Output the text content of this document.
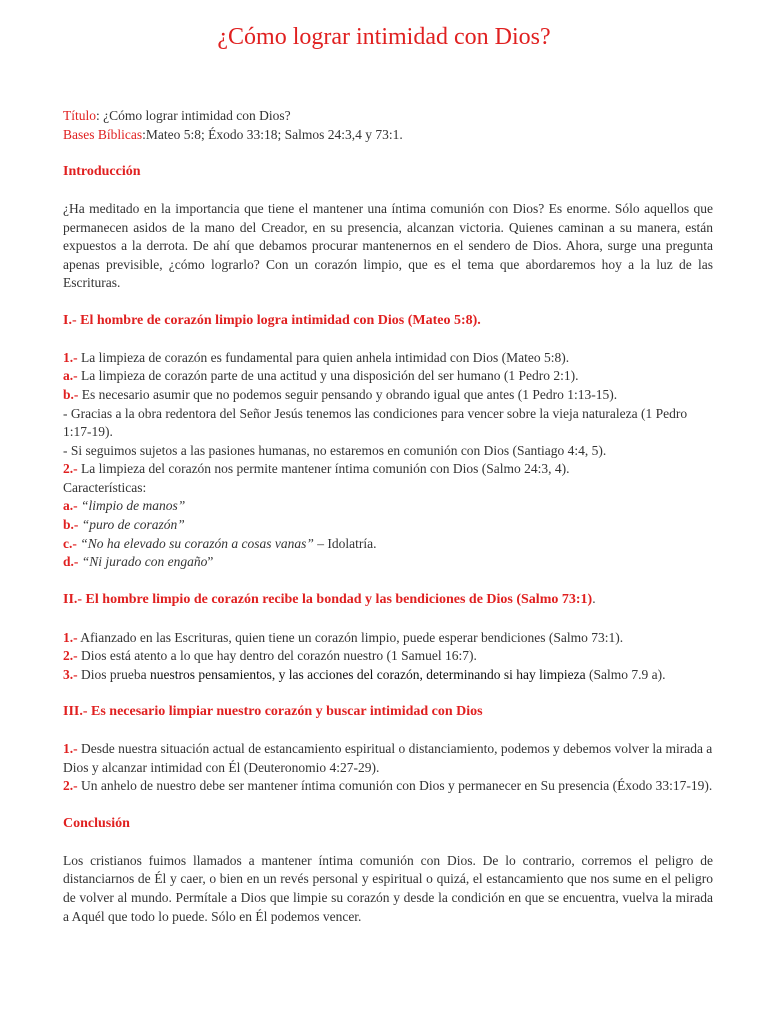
¿Cómo lograr intimidad con Dios?

Título: ¿Cómo lograr intimidad con Dios?

Bases Bíblicas:Mateo 5:8; Éxodo 33:18; Salmos 24:3,4 y 73:1.

Introducción

¿Ha meditado en la importancia que tiene el mantener una íntima comunión con Dios? Es enorme. Sólo aquellos que permanecen asidos de la mano del Creador, en su presencia, alcanzan victoria. Quienes caminan a su manera, están expuestos a la derrota. De ahí que debamos procurar mantenernos en el sendero de Dios. Ahora, surge una pregunta apenas previsible, ¿cómo lograrlo? Con un corazón limpio, que es el tema que abordaremos hoy a la luz de las Escrituras.

I.- El hombre de corazón limpio logra intimidad con Dios (Mateo 5:8).

1.- La limpieza de corazón es fundamental para quien anhela intimidad con Dios (Mateo 5:8).

a.- La limpieza de corazón parte de una actitud y una disposición del ser humano (1 Pedro 2:1).

b.- Es necesario asumir que no podemos seguir pensando y obrando igual que antes (1 Pedro 1:13-15).

- Gracias a la obra redentora del Señor Jesús tenemos las condiciones para vencer sobre la vieja naturaleza (1 Pedro 1:17-19).

- Si seguimos sujetos a las pasiones humanas, no estaremos en comunión con Dios (Santiago 4:4, 5).

2.- La limpieza del corazón nos permite mantener íntima comunión con Dios (Salmo 24:3, 4).

Características:

a.- “limpio de manos”

b.- “puro de corazón”

c.- “No ha elevado su corazón a cosas vanas” – Idolatría.

d.- “Ni jurado con engaño”

II.- El hombre limpio de corazón recibe la bondad y las bendiciones de Dios (Salmo 73:1).

1.- Afianzado en las Escrituras, quien tiene un corazón limpio, puede esperar bendiciones (Salmo 73:1).

2.- Dios está atento a lo que hay dentro del corazón nuestro (1 Samuel 16:7).

3.- Dios prueba nuestros pensamientos, y las acciones del corazón, determinando si hay limpieza (Salmo 7.9 a).

III.- Es necesario limpiar nuestro corazón y buscar intimidad con Dios

1.- Desde nuestra situación actual de estancamiento espiritual o distanciamiento, podemos y debemos volver la mirada a Dios y alcanzar intimidad con Él (Deuteronomio 4:27-29).

2.- Un anhelo de nuestro debe ser mantener íntima comunión con Dios y permanecer en Su presencia (Éxodo 33:17-19).

Conclusión

Los cristianos fuimos llamados a mantener íntima comunión con Dios. De lo contrario, corremos el peligro de distanciarnos de Él y caer, o bien en un revés personal y espiritual o quizá, el estancamiento que nos sume en el peligro de volver al mundo. Permítale a Dios que limpie su corazón y desde la condición en que se encuentra, vuelva la mirada a Aquél que todo lo puede. Sólo en Él podemos vencer.
